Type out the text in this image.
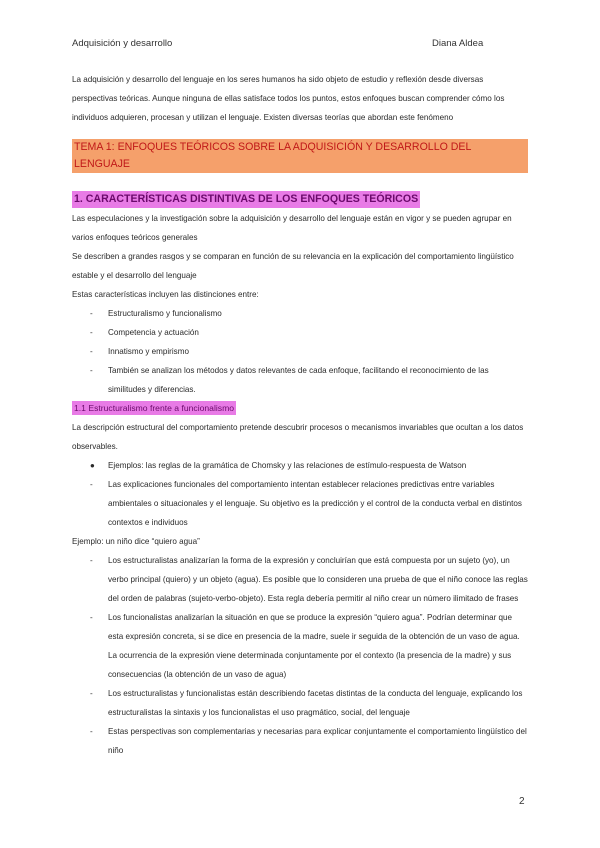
Adquisición y desarrollo	Diana Aldea

La adquisición y desarrollo del lenguaje en los seres humanos ha sido objeto de estudio y reflexión desde diversas perspectivas teóricas. Aunque ninguna de ellas satisface todos los puntos, estos enfoques buscan comprender cómo los individuos adquieren, procesan y utilizan el lenguaje. Existen diversas teorías que abordan este fenómeno

TEMA 1: ENFOQUES TEÓRICOS SOBRE LA ADQUISICIÓN Y DESARROLLO DEL LENGUAJE
1. CARACTERÍSTICAS DISTINTIVAS DE LOS ENFOQUES TEÓRICOS

Las especulaciones y la investigación sobre la adquisición y desarrollo del lenguaje están en vigor y se pueden agrupar en varios enfoques teóricos generales

Se describen a grandes rasgos y se comparan en función de su relevancia en la explicación del comportamiento lingüístico estable y el desarrollo del lenguaje

Estas características incluyen las distinciones entre:

- Estructuralismo y funcionalismo
- Competencia y actuación
- Innatismo y empirismo
- También se analizan los métodos y datos relevantes de cada enfoque, facilitando el reconocimiento de las similitudes y diferencias.
1.1 Estructuralismo frente a funcionalismo

La descripción estructural del comportamiento pretende descubrir procesos o mecanismos invariables que ocultan a los datos observables.

● Ejemplos: las reglas de la gramática de Chomsky y las relaciones de estímulo-respuesta de Watson
- Las explicaciones funcionales del comportamiento intentan establecer relaciones predictivas entre variables ambientales o situacionales y el lenguaje. Su objetivo es la predicción y el control de la conducta verbal en distintos contextos e individuos

Ejemplo: un niño dice “quiero agua”

- Los estructuralistas analizarían la forma de la expresión y concluirían que está compuesta por un sujeto (yo), un verbo principal (quiero) y un objeto (agua). Es posible que lo consideren una prueba de que el niño conoce las reglas del orden de palabras (sujeto-verbo-objeto). Esta regla debería permitir al niño crear un número ilimitado de frases
- Los funcionalistas analizarían la situación en que se produce la expresión “quiero agua”. Podrían determinar que esta expresión concreta, si se dice en presencia de la madre, suele ir seguida de la obtención de un vaso de agua. La ocurrencia de la expresión viene determinada conjuntamente por el contexto (la presencia de la madre) y sus consecuencias (la obtención de un vaso de agua)
- Los estructuralistas y funcionalistas están describiendo facetas distintas de la conducta del lenguaje, explicando los estructuralistas la sintaxis y los funcionalistas el uso pragmático, social, del lenguaje
- Estas perspectivas son complementarias y necesarias para explicar conjuntamente el comportamiento lingüístico del niño
2
